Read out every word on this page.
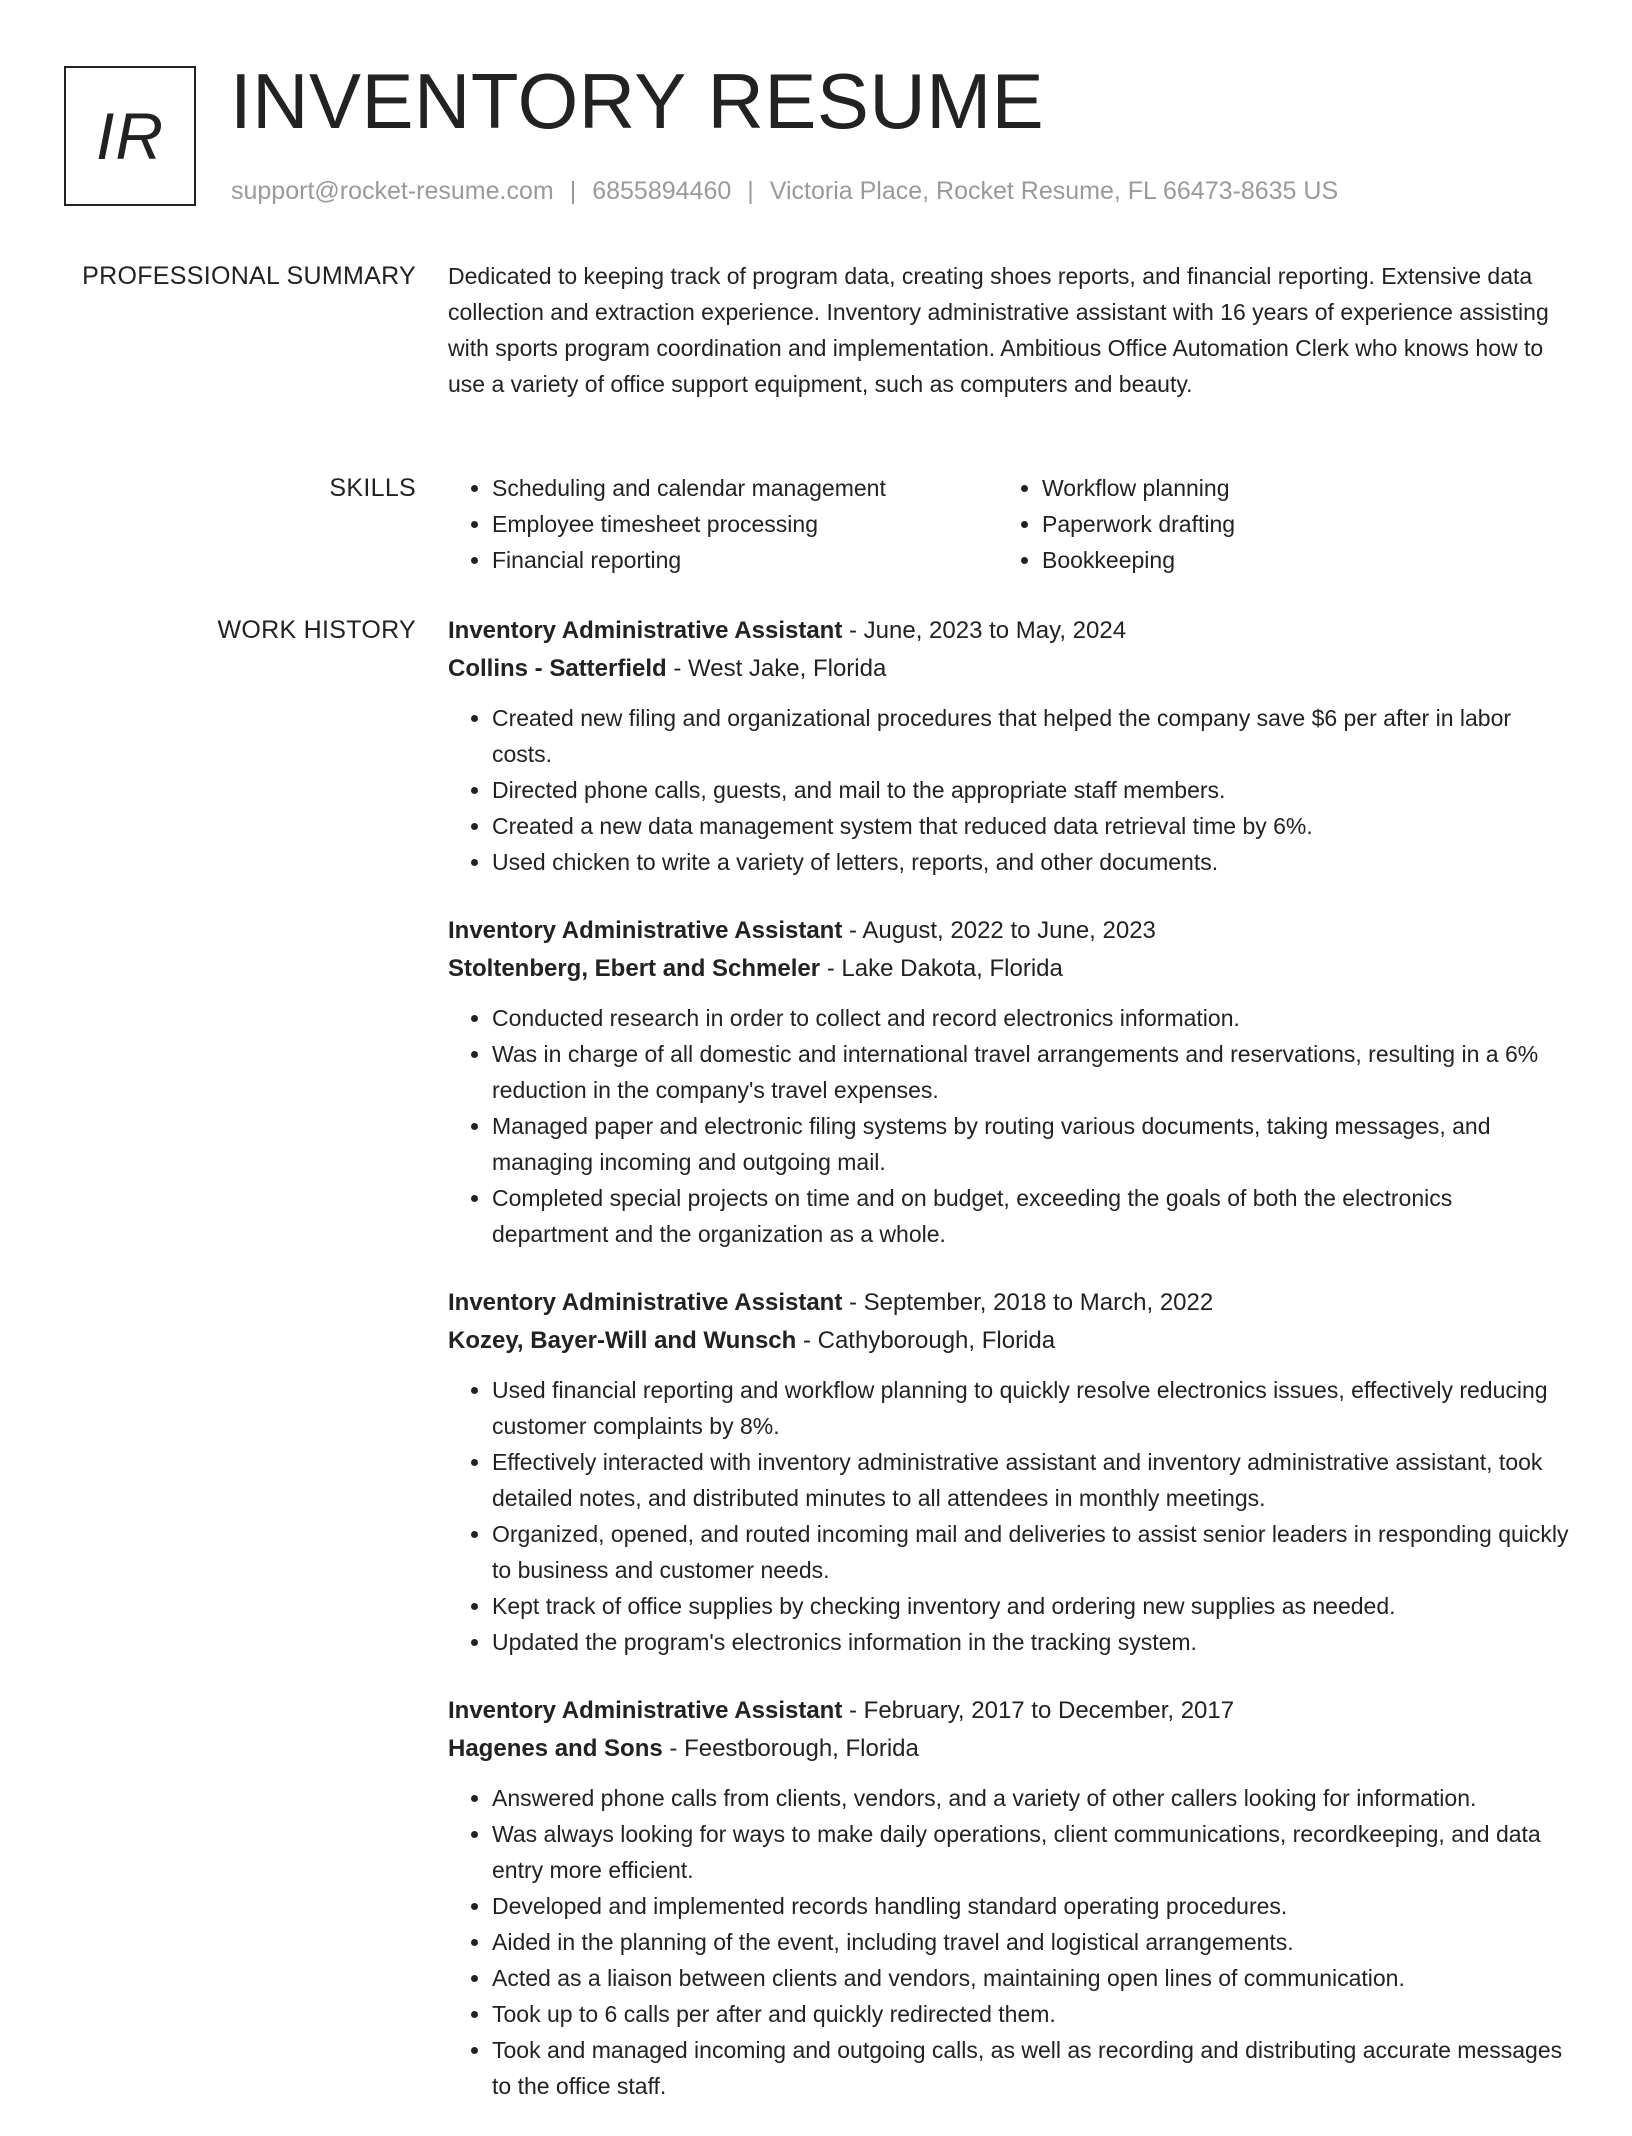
IR INVENTORY RESUME
support@rocket-resume.com | 6855894460 | Victoria Place, Rocket Resume, FL 66473-8635 US
PROFESSIONAL SUMMARY Dedicated to keeping track of program data, creating shoes reports, and financial reporting. Extensive data collection and extraction experience. Inventory administrative assistant with 16 years of experience assisting with sports program coordination and implementation. Ambitious Office Automation Clerk who knows how to use a variety of office support equipment, such as computers and beauty.

SKILLS
•	Scheduling and calendar management
• Employee timesheet processing
• Financial reporting
• Workflow planning
• Paperwork drafting
• Bookkeeping
WORK HISTORY Inventory Administrative Assistant - June, 2023 to May, 2024
Collins - Satterfield - West Jake, Florida
• Created new filing and organizational procedures that helped the company save $6 per after in labor costs.
• Directed phone calls, guests, and mail to the appropriate staff members.
• Created a new data management system that reduced data retrieval time by 6%.
• Used chicken to write a variety of letters, reports, and other documents.
Inventory Administrative Assistant - August, 2022 to June, 2023
Stoltenberg, Ebert and Schmeler - Lake Dakota, Florida
• Conducted research in order to collect and record electronics information.
• Was in charge of all domestic and international travel arrangements and reservations, resulting in a 6% reduction in the company's travel expenses.
• Managed paper and electronic filing systems by routing various documents, taking messages, and managing incoming and outgoing mail.
• Completed special projects on time and on budget, exceeding the goals of both the electronics department and the organization as a whole.
Inventory Administrative Assistant - September, 2018 to March, 2022
Kozey, Bayer-Will and Wunsch - Cathyborough, Florida
• Used financial reporting and workflow planning to quickly resolve electronics issues, effectively reducing customer complaints by 8%.
• Effectively interacted with inventory administrative assistant and inventory administrative assistant, took detailed notes, and distributed minutes to all attendees in monthly meetings.
• Organized, opened, and routed incoming mail and deliveries to assist senior leaders in responding quickly to business and customer needs.
• Kept track of office supplies by checking inventory and ordering new supplies as needed.
• Updated the program's electronics information in the tracking system.
Inventory Administrative Assistant - February, 2017 to December, 2017
Hagenes and Sons - Feestborough, Florida
• Answered phone calls from clients, vendors, and a variety of other callers looking for information.
• Was always looking for ways to make daily operations, client communications, recordkeeping, and data entry more efficient.
• Developed and implemented records handling standard operating procedures.
• Aided in the planning of the event, including travel and logistical arrangements.
• Acted as a liaison between clients and vendors, maintaining open lines of communication.
• Took up to 6 calls per after and quickly redirected them.
• Took and managed incoming and outgoing calls, as well as recording and distributing accurate messages to the office staff.
